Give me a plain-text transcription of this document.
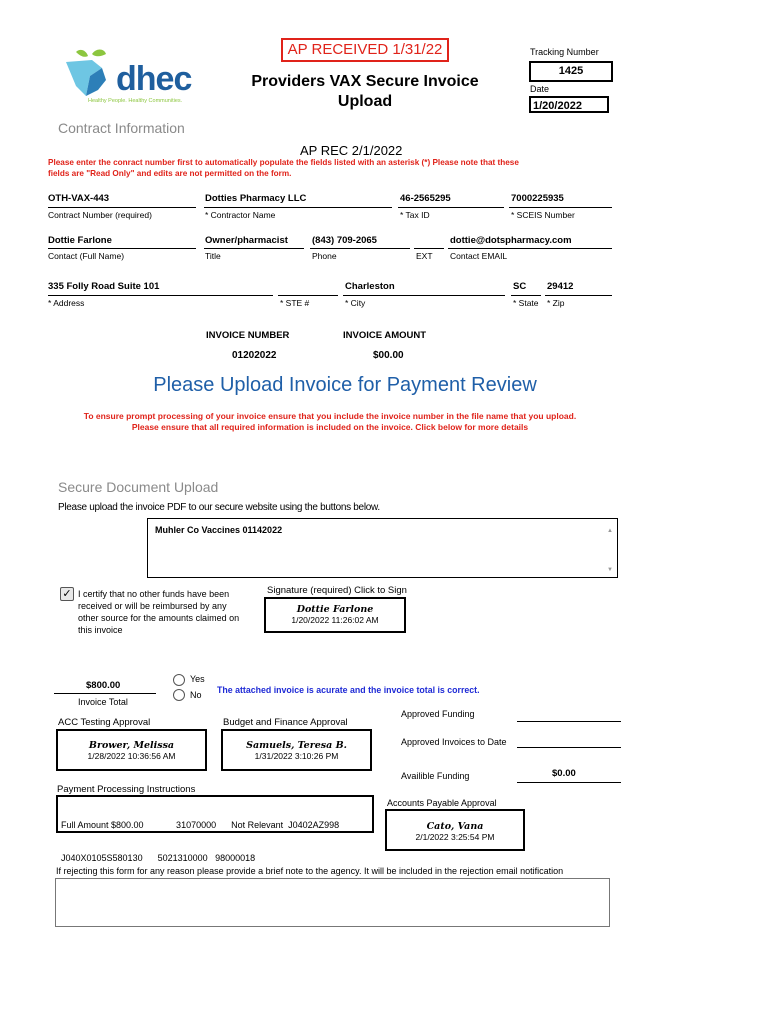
dhec
Healthy People. Healthy Communities.
Contract Information
AP RECEIVED 1/31/22
Providers VAX Secure Invoice
Upload
Tracking Number
1425
Date
1/20/2022
AP REC 2/1/2022
Please enter the conract number first to automatically populate the fields listed with an asterisk (*) Please note that these
fields are "Read Only" and edits are not permitted on the form.
OTH-VAX-443
Contract Number (required)
Dotties Pharmacy LLC
* Contractor Name
46-2565295
* Tax ID
7000225935
* SCEIS Number
Dottie Farlone
Contact (Full Name)
Owner/pharmacist
Title
(843) 709-2065
Phone	EXT
dottie@dotspharmacy.com
Contact EMAIL
335 Folly Road Suite 101
* Address	* STE #
Charleston
* City
SC
* State
29412
* Zip
INVOICE NUMBER
01202022
INVOICE AMOUNT
$00.00
Please Upload Invoice for Payment Review
To ensure prompt processing of your invoice ensure that you include the invoice number in the file name that you upload.
Please ensure that all required information is included on the invoice. Click below for more details
Secure Document Upload
Please upload the invoice PDF to our secure website using the buttons below.
Muhler Co Vaccines 01142022	▲
▼
✓ I certify that no other funds have been
received or will be reimbursed by any
other source for the amounts claimed on
this invoice
Signature (required) Click to Sign
Dottie Farlone
1/20/2022 11:26:02 AM
$800.00
Invoice Total
Yes
No The attached invoice is acurate and the invoice total is correct.
ACC Testing Approval
Brower, Melissa
1/28/2022 10:36:56 AM
Budget and Finance Approval
Samuels, Teresa B.
1/31/2022 3:10:26 PM
Approved Funding
Approved Invoices to Date
Availible Funding	$0.00
Payment Processing Instructions

Full Amount $800.00             31070000      Not Relevant  J0402AZ998

J040X0105S580130      5021310000   98000018

Accounts Payable Approval
Cato, Vana
2/1/2022 3:25:54 PM
If rejecting this form for any reason please provide a brief note to the agency. It will be included in the rejection email notification
